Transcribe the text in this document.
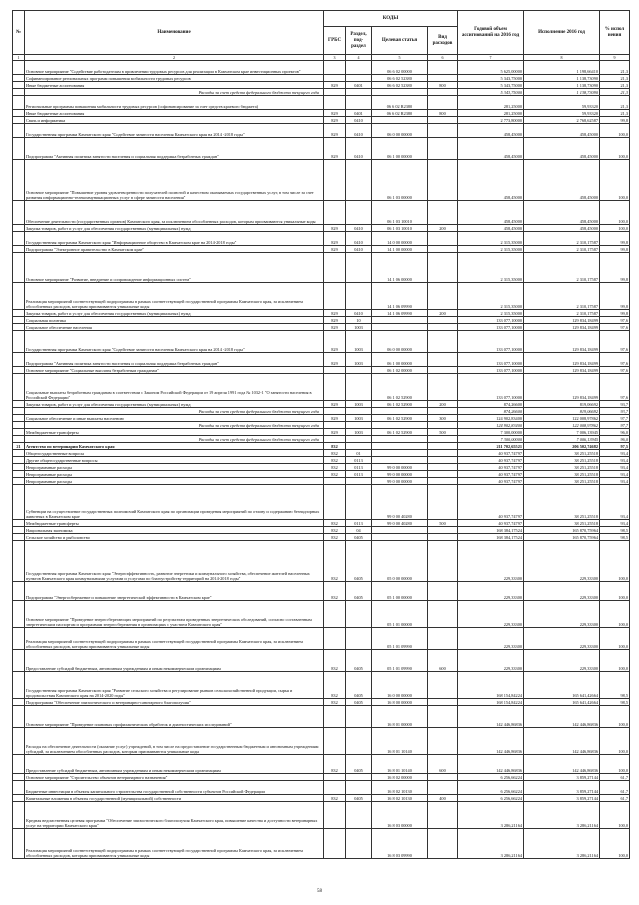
№	Наименование	КОДЫ				Годовой объем ассигнований на 2016 год	Исполнение 2016 год	% испол нения
		ГРБС	Раздел, под-раздел	Целевая статья	Вид расходов			
1	2	3	4	5	6	7	8	9
	Основное мероприятие "Содействие работодателям в привлечении трудовых ресурсов для реализации в Камчатском крае инвестиционных проектов"			06 6 02 00000		5 625,00000	1 198,66410	21,3
	Софинансирование региональных программ повышения мобильности трудовых ресурсов			06 6 02 52380		5 343,75000	1 138,73090	21,3
	Иные бюджетные ассигнования	829	0401	06 6 02 52380	800	5 343,75000	1 138,73090	21,3
	Расходы за счет средств федерального бюджета текущего года					5 343,75000	1 138,73090	21,3
	Региональные программы повышения мобильности трудовых ресурсов (софинансирование за счет средств краевого бюджета)			06 6 02 R2380		281,25000	59,93320	21,3
	Иные бюджетные ассигнования	829	0401	06 6 02 R2380	800	281,25000	59,93320	21,3
	Связь и информатика	829	0410			2 773,80000	2 768,62587	99,8
	Государственная программа Камчатского края "Содействие занятости населения Камчатского края на 2014 -2018 годы"	829	0410	06 0 00 00000		458,45000	458,45000	100,0
	Подпрограмма "Активная политика занятости населения и социальная поддержка безработных граждан"	829	0410	06 1 00 00000		458,45000	458,45000	100,0
	Основное мероприятие "Повышение уровня удовлетворенности получателей полнотой и качеством оказываемых государственных услуг, в том числе за счет развития информационно-телекоммуникационных услуг в сфере занятости населения"			06 1 03 00000		458,45000	458,45000	100,0
	Обеспечение деятельности (государственных органов) Камчатского края, за исключением обособленных расходов, которым присваиваются уникальные коды			06 1 03 10010		458,45000	458,45000	100,0
	Закупка товаров, работ и услуг для обеспечения государственных (муниципальных) нужд	829	0410	06 1 03 10010	200	458,45000	458,45000	100,0
	Государственная программа Камчатского края "Информационное общество в Камчатском крае на 2014-2018 годы"	829	0410	14 0 00 00000		2 315,35000	2 310,17587	99,8
	Подпрограмма "Электронное правительство в Камчатском крае"	829	0410	14 1 00 00000		2 315,35000	2 310,17587	99,8
	Основное мероприятие "Развитие, внедрение и сопровождение информационных систем"			14 1 06 00000		2 315,35000	2 310,17587	99,8
	Реализация мероприятий соответствующей подпрограммы в рамках соответствующей государственной программы Камчатского края, за исключением обособленных расходов, которым присваиваются уникальные коды			14 1 06 09990		2 315,35000	2 310,17587	99,8
	Закупка товаров, работ и услуг для обеспечения государственных (муниципальных) нужд	829	0410	14 1 06 09990	200	2 315,35000	2 310,17587	99,8
	Социальная политика	829	10			133 077,10000	129 834,18499	97,6
	Социальное обеспечение населения	829	1003			133 077,10000	129 834,18499	97,6
	Государственная программа Камчатского края "Содействие занятости населения Камчатского края на 2014 -2018 годы"	829	1003	06 0 00 00000		133 077,10000	129 834,18499	97,6
	Подпрограмма "Активная политика занятости населения и социальная поддержка безработных граждан"	829	1003	06 1 00 00000		133 077,10000	129 834,18499	97,6
	Основное мероприятие "Социальные выплаты безработным гражданам"			06 1 02 00000		133 077,10000	129 834,18499	97,6
	Социальные выплаты безработным гражданам в соответствии с Законом Российской Федерации от 19 апреля 1991 года № 1032-1 "О занятости населения в Российской Федерации"			06 1 02 52900		133 077,10000	129 834,18499	97,6
	Закупка товаров, работ и услуг для обеспечения государственных (муниципальных) нужд	829	1003	06 1 02 52900	200	874,26600	819,06692	93,7
	Расходы за счет средств федерального бюджета текущего года					874,26600	819,06692	93,7
	Социальное обеспечение и иные выплаты населению	829	1003	06 1 02 52900	300	124 902,83400	122 008,97862	97,7
	Расходы за счет средств федерального бюджета текущего года					124 902,83400	122 008,97862	97,7
	Межбюджетные трансферты	829	1003	06 1 02 52900	500	7 300,00000	7 006,13945	96,0
	Расходы за счет средств федерального бюджета текущего года					7 300,00000	7 006,13945	96,0
21	Агентство по ветеринарии Камчатского края	832				211 702,65521	206 502,74682	97,5
	Общегосударственные вопросы	832	01			40 937,74797	38 251,25518	93,4
	Другие общегосударственные вопросы	832	0113			40 937,74797	38 251,25518	93,4
	Непрограммные расходы	832	0113	99 0 00 00000		40 937,74797	38 251,25518	93,4
	Непрограммные расходы	832	0113	99 0 00 00000		40 937,74797	38 251,25518	93,4
	Непрограммные расходы			99 0 00 00000		40 937,74797	38 251,25518	93,4
	Субвенции на осуществление государственных полномочий Камчатского края по организации проведения мероприятий по отлову и содержанию безнадзорных животных в Камчатском крае			99 0 00 40280		40 937,74797	38 251,25518	93,4
	Межбюджетные трансферты	832	0113	99 0 00 40280	500	40 937,74797	38 251,25518	93,4
	Национальная экономика	832	04			168 384,17524	165 870,75964	98,5
	Сельское хозяйство и рыболовство	832	0405			168 384,17524	165 870,75964	98,5
	Государственная программа Камчатского края "Энергоэффективность, развитие энергетики и коммунального хозяйства, обеспечение жителей населенных пунктов Камчатского края коммунальными услугами и услугами по благоустройству территорий на 2014-2018 годы"	832	0405	05 0 00 00000		229,33300	229,33300	100,0
	Подпрограмма "Энергосбережение и повышение энергетической эффективности в Камчатском крае"	832	0405	05 1 00 00000		229,33300	229,33300	100,0
	Основное мероприятие "Проведение энергосберегающих мероприятий по результатам проведенных энергетических обследований, согласно составленным энергетическим паспортам и программам энергосбережения в организациях с участием Камчатского края"			05 1 01 00000		229,33300	229,33300	100,0
	Реализация мероприятий соответствующей подпрограммы в рамках соответствующей государственной программы Камчатского края, за исключением обособленных расходов, которым присваиваются уникальные коды			05 1 01 09990		229,33300	229,33300	100,0
	Предоставление субсидий бюджетным, автономным учреждениям и иным некоммерческим организациям	832	0405	05 1 01 09990	600	229,33300	229,33300	100,0
	Государственная программа Камчатского края "Развитие сельского хозяйства и регулирование рынков сельскохозяйственной продукции, сырья и продовольствия Камчатского края на 2014-2020 годы"	832	0405	16 0 00 00000		168 154,84224	165 641,42664	98,5
	Подпрограмма "Обеспечение эпизоотического и ветеринарно-санитарного благополучия"	832	0405	16 8 00 00000		168 154,84224	165 641,42664	98,5
	Основное мероприятие "Проведение плановых профилактических обработок и диагностических исследований"			16 8 01 00000		142 446,86836	142 446,86836	100,0
	Расходы на обеспечение деятельности (оказание услуг) учреждений, в том числе на предоставление государственным бюджетным и автономным учреждениям субсидий, за исключением обособленных расходов, которым присваиваются уникальные коды			16 8 01 10140		142 446,86836	142 446,86836	100,0
	Предоставление субсидий бюджетным, автономным учреждениям и иным некоммерческим организациям	832	0405	16 8 01 10140	600	142 446,86836	142 446,86836	100,0
	Основное мероприятие "Строительство объектов ветеринарного назначения"			16 8 02 00000		6 256,66224	3 859,27144	61,7
	Бюджетные инвестиции в объекты капитального строительства государственной собственности субъектов Российской Федерации			16 8 02 10130		6 256,66224	3 859,27144	61,7
	Капитальные вложения в объекты государственной (муниципальной) собственности	832	0405	16 8 02 10130	400	6 256,66224	3 859,27144	61,7
	Кредная ведомственная целевая программа "Обеспечение эпизоотического благополучия Камчатского края, повышение качества и доступности ветеринарных услуг на территории Камчатского края"			16 8 03 00000		3 286,21164	3 286,21164	100,0
	Реализация мероприятий соответствующей подпрограммы в рамках соответствующей государственной программы Камчатского края, за исключением обособленных расходов, которым присваиваются уникальные коды			16 8 03 09990		3 286,21164	3 286,21164	100,0
58
